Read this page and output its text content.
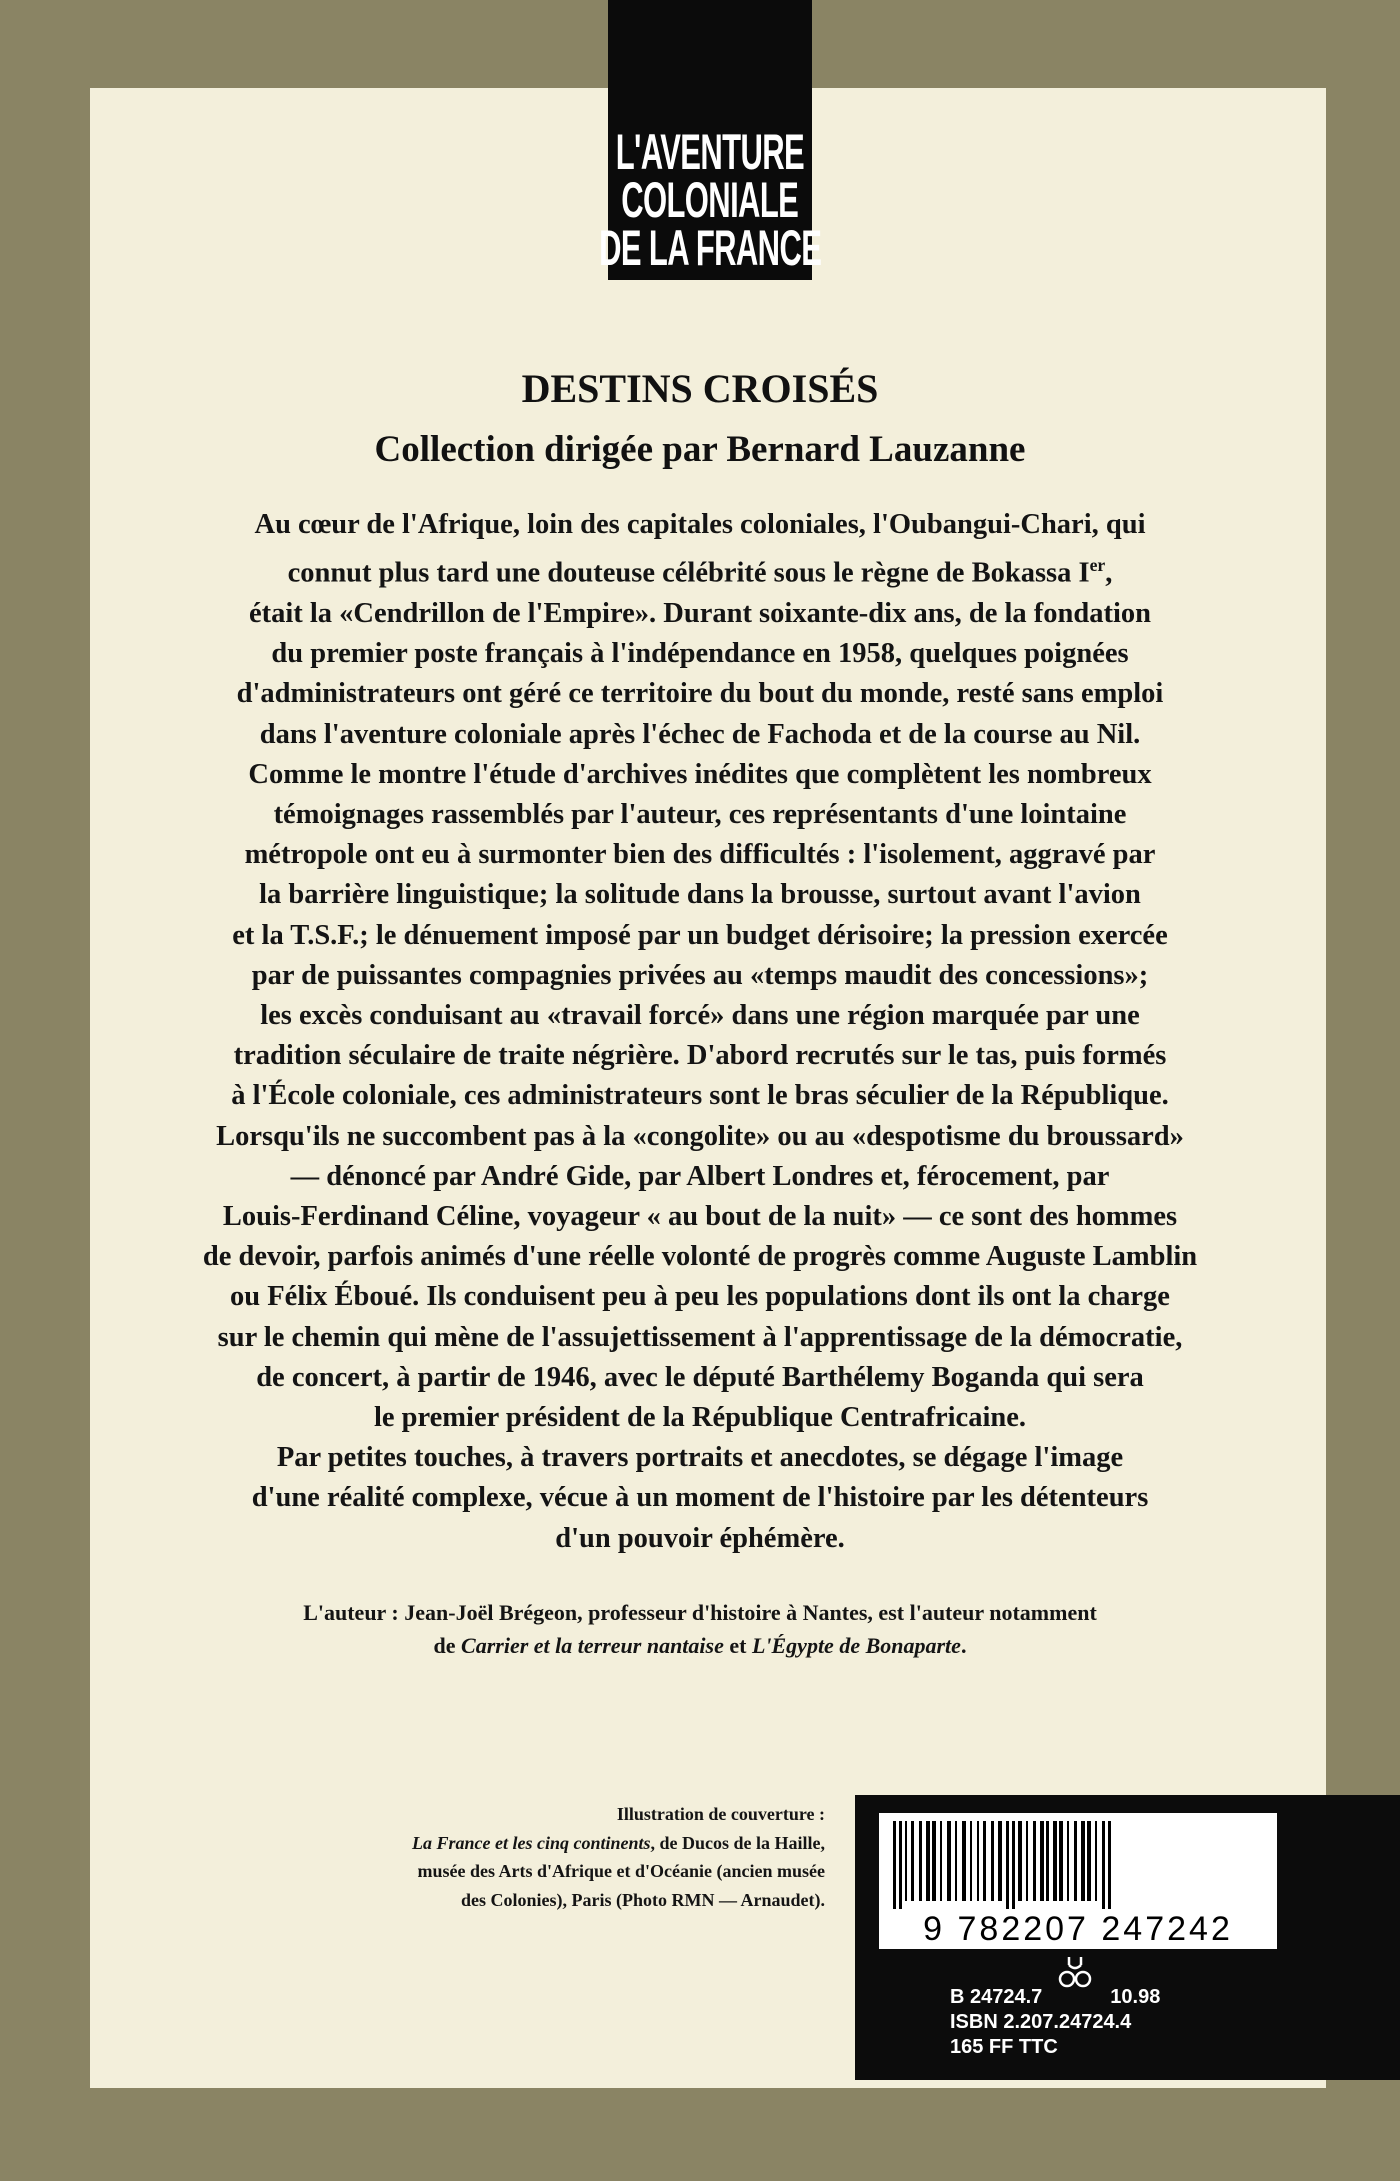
L'AVENTURE
COLONIALE
DE LA FRANCE
DESTINS CROISÉS
Collection dirigée par Bernard Lauzanne
Au cœur de l'Afrique, loin des capitales coloniales, l'Oubangui-Chari, qui
connut plus tard une douteuse célébrité sous le règne de Bokassa Ier,
était la «Cendrillon de l'Empire». Durant soixante-dix ans, de la fondation
du premier poste français à l'indépendance en 1958, quelques poignées
d'administrateurs ont géré ce territoire du bout du monde, resté sans emploi
dans l'aventure coloniale après l'échec de Fachoda et de la course au Nil.
Comme le montre l'étude d'archives inédites que complètent les nombreux
témoignages rassemblés par l'auteur, ces représentants d'une lointaine
métropole ont eu à surmonter bien des difficultés : l'isolement, aggravé par
la barrière linguistique; la solitude dans la brousse, surtout avant l'avion
et la T.S.F.; le dénuement imposé par un budget dérisoire; la pression exercée
par de puissantes compagnies privées au «temps maudit des concessions»;
les excès conduisant au «travail forcé» dans une région marquée par une
tradition séculaire de traite négrière. D'abord recrutés sur le tas, puis formés
à l'École coloniale, ces administrateurs sont le bras séculier de la République.
Lorsqu'ils ne succombent pas à la «congolite» ou au «despotisme du broussard»
— dénoncé par André Gide, par Albert Londres et, férocement, par
Louis-Ferdinand Céline, voyageur « au bout de la nuit» — ce sont des hommes
de devoir, parfois animés d'une réelle volonté de progrès comme Auguste Lamblin
ou Félix Éboué. Ils conduisent peu à peu les populations dont ils ont la charge
sur le chemin qui mène de l'assujettissement à l'apprentissage de la démocratie,
de concert, à partir de 1946, avec le député Barthélemy Boganda qui sera
le premier président de la République Centrafricaine.
Par petites touches, à travers portraits et anecdotes, se dégage l'image
d'une réalité complexe, vécue à un moment de l'histoire par les détenteurs
d'un pouvoir éphémère.
L'auteur : Jean-Joël Brégeon, professeur d'histoire à Nantes, est l'auteur notamment
de Carrier et la terreur nantaise et L'Égypte de Bonaparte.
Illustration de couverture :
La France et les cinq continents, de Ducos de la Haille,
musée des Arts d'Afrique et d'Océanie (ancien musée
des Colonies), Paris (Photo RMN — Arnaudet).
9 782207 247242
B 24724.7	10.98
ISBN 2.207.24724.4
165 FF TTC
